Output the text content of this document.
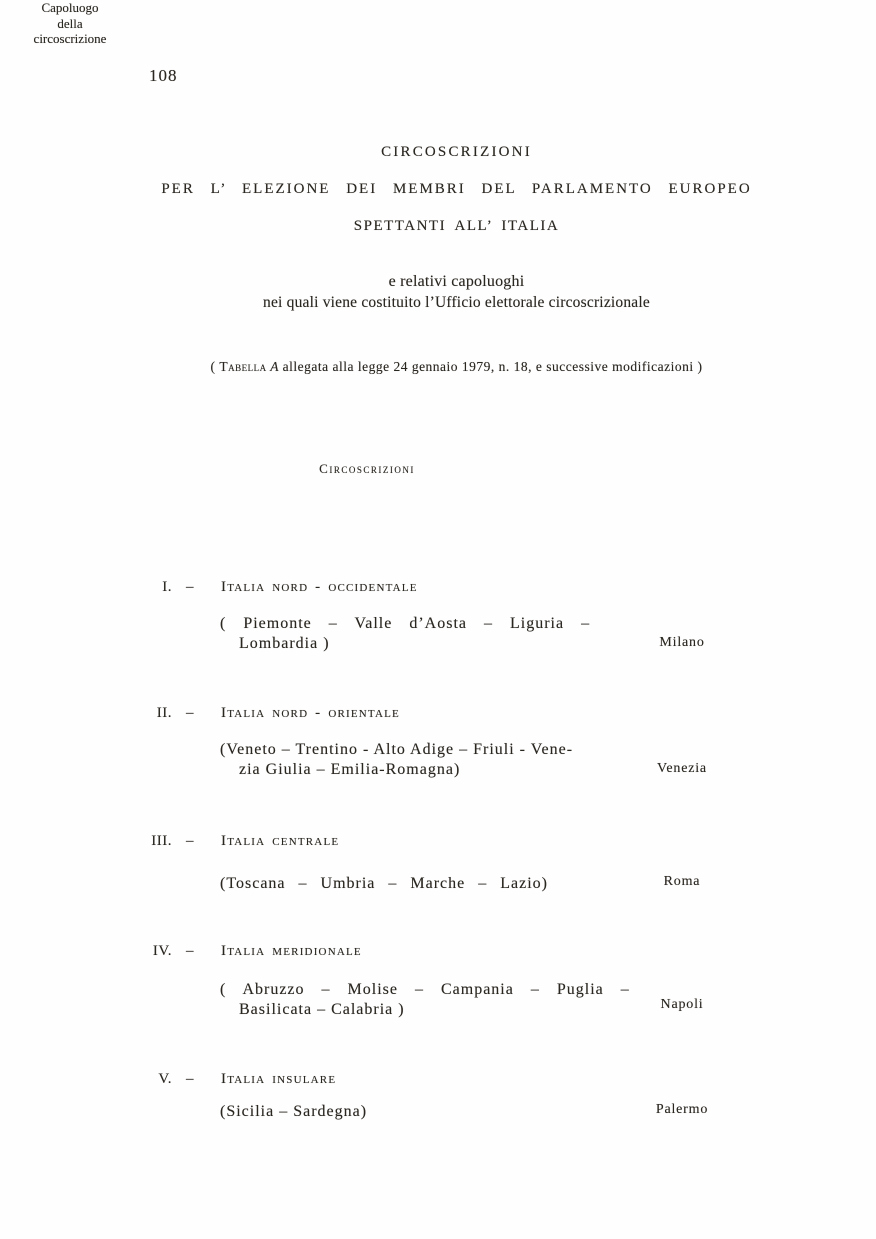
108
CIRCOSCRIZIONI
PER L’ ELEZIONE DEI MEMBRI DEL PARLAMENTO EUROPEO
SPETTANTI ALL’ ITALIA
e relativi capoluoghi
nei quali viene costituito l’Ufficio elettorale circoscrizionale
( Tabella A allegata alla legge 24 gennaio 1979, n. 18, e successive modificazioni )
Circoscrizioni
Capoluogo
della
circoscrizione
I. – Italia nord - occidentale
( Piemonte – Valle d’Aosta – Liguria –
Lombardia )	Milano
II. – Italia nord - orientale
(Veneto – Trentino - Alto Adige – Friuli - Vene-
zia Giulia – Emilia-Romagna)	Venezia
III. – Italia centrale
(Toscana – Umbria – Marche – Lazio)	Roma
IV. – Italia meridionale
( Abruzzo – Molise – Campania – Puglia –
Basilicata – Calabria )	Napoli
V. – Italia insulare
(Sicilia – Sardegna)	Palermo
